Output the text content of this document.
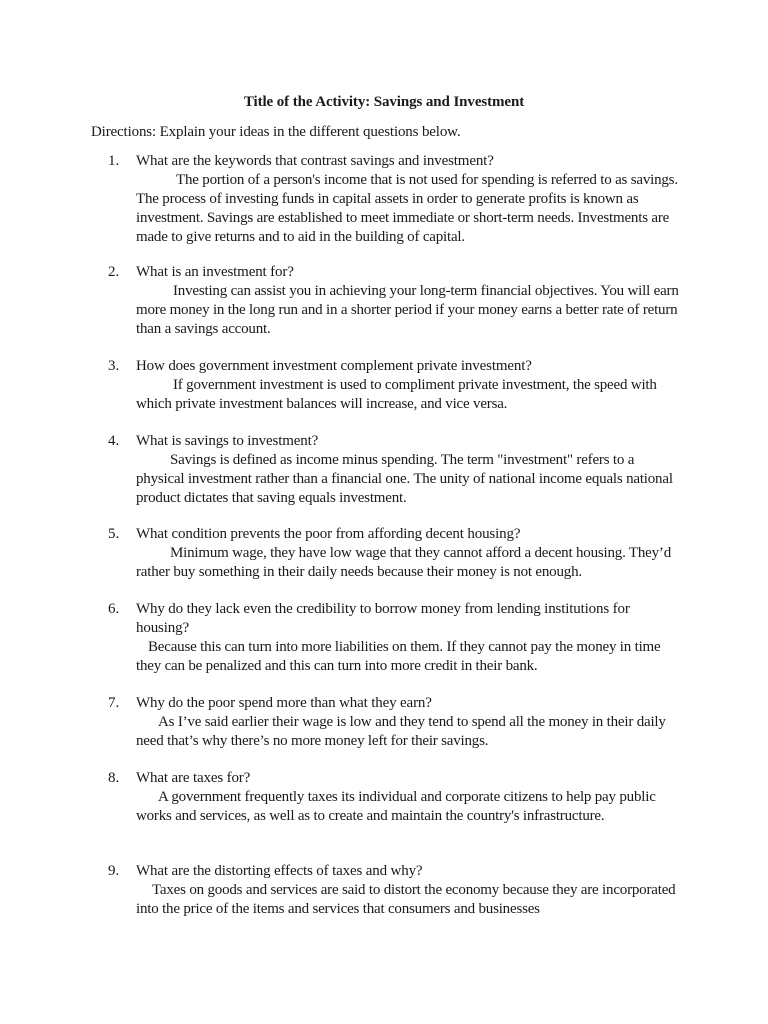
Title of the Activity: Savings and Investment
Directions: Explain your ideas in the different questions below.
1.	What are the keywords that contrast savings and investment?
The portion of a person's income that is not used for spending is referred to as savings. The process of investing funds in capital assets in order to generate profits is known as investment. Savings are established to meet immediate or short-term needs. Investments are made to give returns and to aid in the building of capital.
2.	What is an investment for?
Investing can assist you in achieving your long-term financial objectives. You will earn more money in the long run and in a shorter period if your money earns a better rate of return than a savings account.
3.	How does government investment complement private investment?
If government investment is used to compliment private investment, the speed with which private investment balances will increase, and vice versa.
4.	What is savings to investment?
Savings is defined as income minus spending. The term "investment" refers to a physical investment rather than a financial one. The unity of national income equals national product dictates that saving equals investment.
5.	What condition prevents the poor from affording decent housing?
Minimum wage, they have low wage that they cannot afford a decent housing. They’d rather buy something in their daily needs because their money is not enough.
6.	Why do they lack even the credibility to borrow money from lending institutions for housing?
Because this can turn into more liabilities on them. If they cannot pay the money in time they can be penalized and this can turn into more credit in their bank.
7.	Why do the poor spend more than what they earn?
As I’ve said earlier their wage is low and they tend to spend all the money in their daily need that’s why there’s no more money left for their savings.
8.	What are taxes for?
A government frequently taxes its individual and corporate citizens to help pay public works and services, as well as to create and maintain the country's infrastructure.
9.	What are the distorting effects of taxes and why?
Taxes on goods and services are said to distort the economy because they are incorporated into the price of the items and services that consumers and businesses
